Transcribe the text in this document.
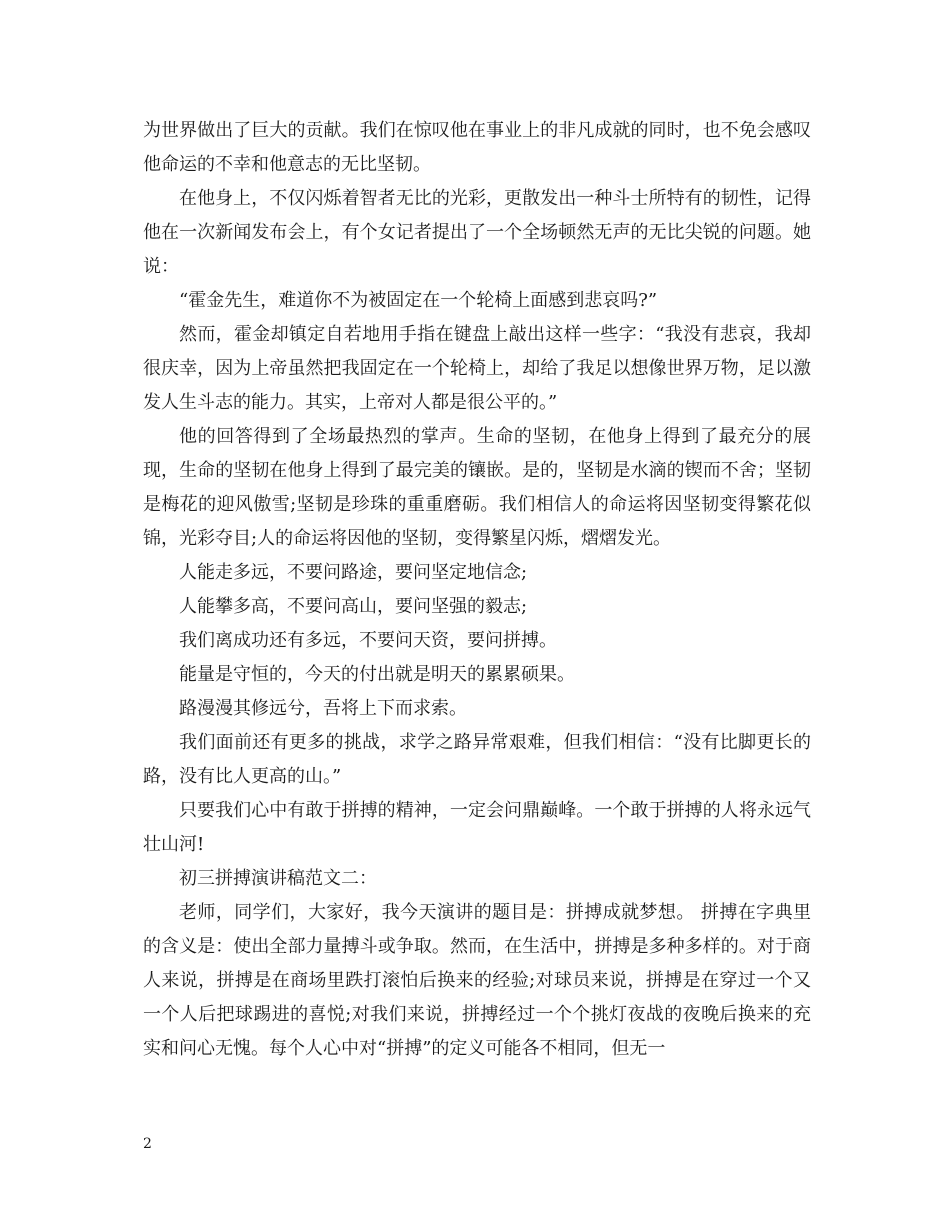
为世界做出了巨大的贡献。我们在惊叹他在事业上的非凡成就的同时，也不免会感叹他命运的不幸和他意志的无比坚韧。

在他身上，不仅闪烁着智者无比的光彩，更散发出一种斗士所特有的韧性，记得他在一次新闻发布会上，有个女记者提出了一个全场顿然无声的无比尖锐的问题。她说：

“霍金先生，难道你不为被固定在一个轮椅上面感到悲哀吗?”

然而，霍金却镇定自若地用手指在键盘上敲出这样一些字：“我没有悲哀，我却很庆幸，因为上帝虽然把我固定在一个轮椅上，却给了我足以想像世界万物，足以激发人生斗志的能力。其实，上帝对人都是很公平的。”

他的回答得到了全场最热烈的掌声。生命的坚韧，在他身上得到了最充分的展现，生命的坚韧在他身上得到了最完美的镶嵌。是的，坚韧是水滴的锲而不舍；坚韧是梅花的迎风傲雪;坚韧是珍珠的重重磨砺。我们相信人的命运将因坚韧变得繁花似锦，光彩夺目;人的命运将因他的坚韧，变得繁星闪烁，熠熠发光。

人能走多远，不要问路途，要问坚定地信念;

人能攀多高，不要问高山，要问坚强的毅志;

我们离成功还有多远，不要问天资，要问拼搏。

能量是守恒的，今天的付出就是明天的累累硕果。

路漫漫其修远兮，吾将上下而求索。

我们面前还有更多的挑战，求学之路异常艰难，但我们相信：“没有比脚更长的路，没有比人更高的山。”

只要我们心中有敢于拼搏的精神，一定会问鼎巅峰。一个敢于拼搏的人将永远气壮山河!

初三拼搏演讲稿范文二：

老师，同学们，大家好，我今天演讲的题目是：拼搏成就梦想。 拼搏在字典里的含义是：使出全部力量搏斗或争取。然而，在生活中，拼搏是多种多样的。对于商人来说，拼搏是在商场里跌打滚怕后换来的经验;对球员来说，拼搏是在穿过一个又一个人后把球踢进的喜悦;对我们来说，拼搏经过一个个挑灯夜战的夜晚后换来的充实和问心无愧。每个人心中对“拼搏”的定义可能各不相同，但无一

2
